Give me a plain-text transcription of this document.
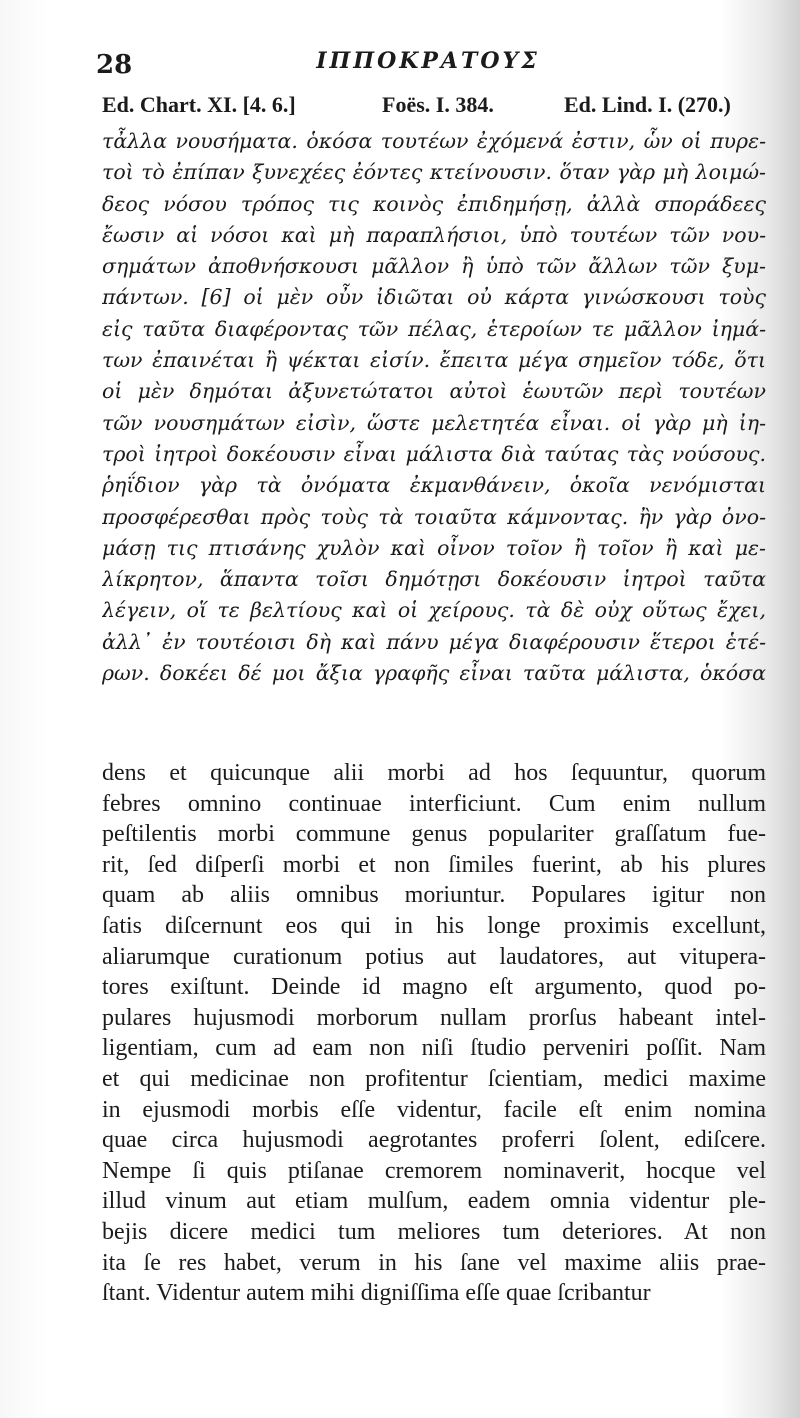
28	ΙΠΠΟΚΡΑΤΟΥΣ
Ed. Chart. XI. [4. 6.]	Foës. I. 384.	Ed. Lind. I. (270.)
τἆλλα νουσήματα. ὁκόσα τουτέων ἐχόμενά ἐστιν, ὧν οἱ πυρε-
τοὶ τὸ ἐπίπαν ξυνεχέες ἐόντες κτείνουσιν. ὅταν γὰρ μὴ λοιμώ-
δεος νόσου τρόπος τις κοινὸς ἐπιδημήσῃ, ἀλλὰ σποράδεες
ἔωσιν αἱ νόσοι καὶ μὴ παραπλήσιοι, ὑπὸ τουτέων τῶν νου-
σημάτων ἀποθνήσκουσι μᾶλλον ἢ ὑπὸ τῶν ἄλλων τῶν ξυμ-
πάντων. [6] οἱ μὲν οὖν ἰδιῶται οὐ κάρτα γινώσκουσι τοὺς
εἰς ταῦτα διαφέροντας τῶν πέλας, ἑτεροίων τε μᾶλλον ἰημά-
των ἐπαινέται ἢ ψέκται εἰσίν. ἔπειτα μέγα σημεῖον τόδε, ὅτι
οἱ μὲν δημόται ἀξυνετώτατοι αὐτοὶ ἑωυτῶν περὶ τουτέων
τῶν νουσημάτων εἰσὶν, ὥστε μελετητέα εἶναι. οἱ γὰρ μὴ ἰη-
τροὶ ἰητροὶ δοκέουσιν εἶναι μάλιστα διὰ ταύτας τὰς νούσους.
ῥηΐδιον γὰρ τὰ ὀνόματα ἐκμανθάνειν, ὁκοῖα νενόμισται
προσφέρεσθαι πρὸς τοὺς τὰ τοιαῦτα κάμνοντας. ἢν γὰρ ὀνο-
μάσῃ τις πτισάνης χυλὸν καὶ οἶνον τοῖον ἢ τοῖον ἢ καὶ με-
λίκρητον, ἅπαντα τοῖσι δημότῃσι δοκέουσιν ἰητροὶ ταῦτα
λέγειν, οἵ τε βελτίους καὶ οἱ χείρους. τὰ δὲ οὐχ οὕτως ἔχει,
ἀλλ᾽ ἐν τουτέοισι δὴ καὶ πάνυ μέγα διαφέρουσιν ἕτεροι ἑτέ-
ρων. δοκέει δέ μοι ἄξια γραφῆς εἶναι ταῦτα μάλιστα, ὁκόσα
dens et quicunque alii morbi ad hos ſequuntur, quorum
febres omnino continuae interficiunt. Cum enim nullum
peſtilentis morbi commune genus populariter graſſatum fue-
rit, ſed diſperſi morbi et non ſimiles fuerint, ab his plures
quam ab aliis omnibus moriuntur. Populares igitur non
ſatis diſcernunt eos qui in his longe proximis excellunt,
aliarumque curationum potius aut laudatores, aut vitupera-
tores exiſtunt. Deinde id magno eſt argumento, quod po-
pulares hujusmodi morborum nullam prorſus habeant intel-
ligentiam, cum ad eam non niſi ſtudio perveniri poſſit. Nam
et qui medicinae non profitentur ſcientiam, medici maxime
in ejusmodi morbis eſſe videntur, facile eſt enim nomina
quae circa hujusmodi aegrotantes proferri ſolent, ediſcere.
Nempe ſi quis ptiſanae cremorem nominaverit, hocque vel
illud vinum aut etiam mulſum, eadem omnia videntur ple-
bejis dicere medici tum meliores tum deteriores. At non
ita ſe res habet, verum in his ſane vel maxime aliis prae-
ſtant. Videntur autem mihi digniſſima eſſe quae ſcribantur
